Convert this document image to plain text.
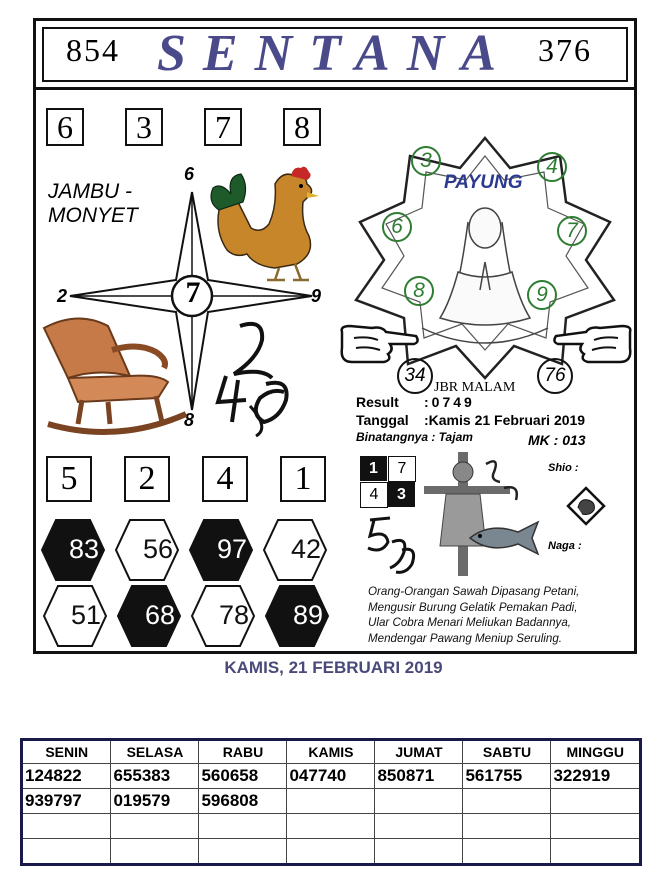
854 SENTANA 376
6	3	7	8
JAMBU -
MONYET
7
6
2	9
8
PAYUNG
3	4
6	7
8	9
34	76
JBR MALAM
Result :0749
Tanggal :Kamis 21 Februari 2019
Binatangnya : Tajam	MK : 013
5	2	4	1	1	7
4	3
Shio :
Naga :
83	56	97	42
51	68	78	89
Orang-Orangan Sawah Dipasang Petani,
Mengusir Burung Gelatik Pemakan Padi,
Ular Cobra Menari Meliukan Badannya,
Mendengar Pawang Meniup Seruling.
KAMIS, 21 FEBRUARI 2019
SENIN	SELASA	RABU	KAMIS	JUMAT	SABTU	MINGGU
124822	655383	560658	047740	850871	561755	322919
939797	019579	596808				
